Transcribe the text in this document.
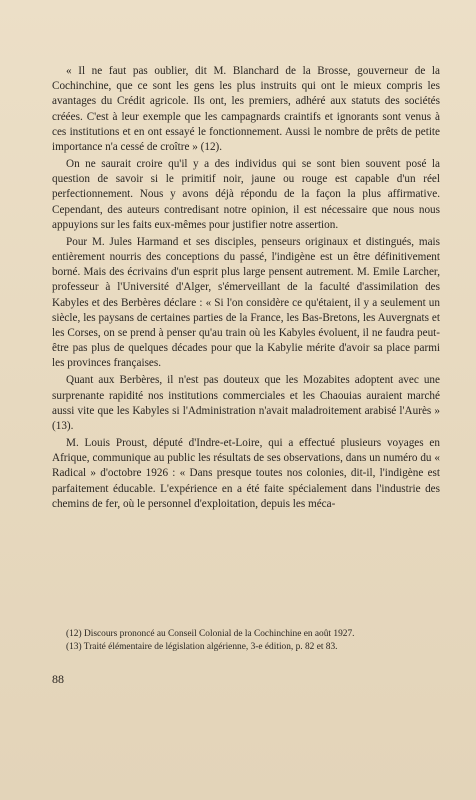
« Il ne faut pas oublier, dit M. Blanchard de la Brosse, gouverneur de la Cochinchine, que ce sont les gens les plus instruits qui ont le mieux compris les avantages du Crédit agricole. Ils ont, les premiers, adhéré aux statuts des sociétés créées. C'est à leur exemple que les campagnards craintifs et ignorants sont venus à ces institutions et en ont essayé le fonctionnement. Aussi le nombre de prêts de petite importance n'a cessé de croître » (12).

On ne saurait croire qu'il y a des individus qui se sont bien souvent posé la question de savoir si le primitif noir, jaune ou rouge est capable d'un réel perfectionnement. Nous y avons déjà répondu de la façon la plus affirmative. Cependant, des auteurs contredisant notre opinion, il est nécessaire que nous nous appuyions sur les faits eux-mêmes pour justifier notre assertion.

Pour M. Jules Harmand et ses disciples, penseurs originaux et distingués, mais entièrement nourris des conceptions du passé, l'indigène est un être définitivement borné. Mais des écrivains d'un esprit plus large pensent autrement. M. Emile Larcher, professeur à l'Université d'Alger, s'émerveillant de la faculté d'assimilation des Kabyles et des Berbères déclare : « Si l'on considère ce qu'étaient, il y a seulement un siècle, les paysans de certaines parties de la France, les Bas-Bretons, les Auvergnats et les Corses, on se prend à penser qu'au train où les Kabyles évoluent, il ne faudra peut-être pas plus de quelques décades pour que la Kabylie mérite d'avoir sa place parmi les provinces françaises.

Quant aux Berbères, il n'est pas douteux que les Mozabites adoptent avec une surprenante rapidité nos institutions commerciales et les Chaouias auraient marché aussi vite que les Kabyles si l'Administration n'avait maladroitement arabisé l'Aurès » (13).

M. Louis Proust, député d'Indre-et-Loire, qui a effectué plusieurs voyages en Afrique, communique au public les résultats de ses observations, dans un numéro du « Radical » d'octobre 1926 : « Dans presque toutes nos colonies, dit-il, l'indigène est parfaitement éducable. L'expérience en a été faite spécialement dans l'industrie des chemins de fer, où le personnel d'exploitation, depuis les méca-

(12) Discours prononcé au Conseil Colonial de la Cochinchine en août 1927.

(13) Traité élémentaire de législation algérienne, 3-e édition, p. 82 et 83.

88
